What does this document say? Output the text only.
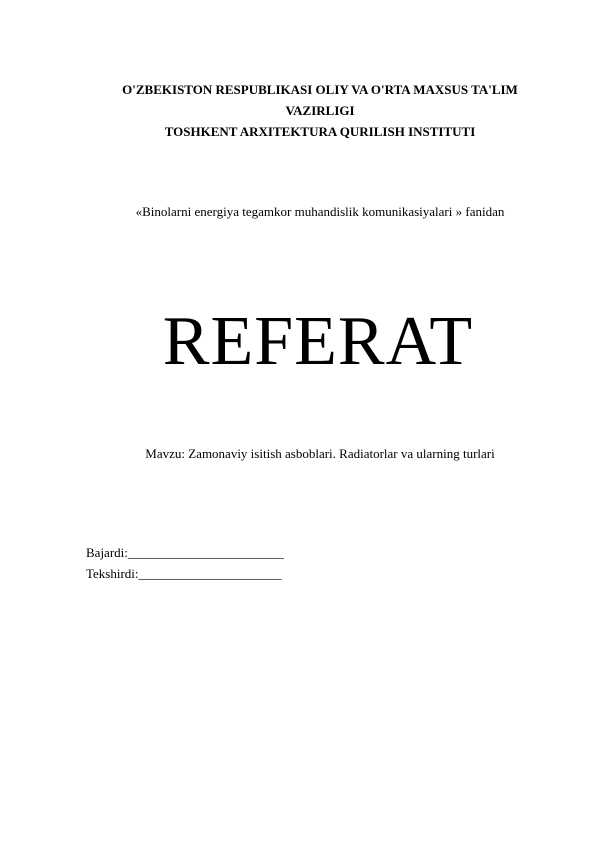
O'ZBEKISTON RESPUBLIKASI OLIY VA O'RTA MAXSUS TA'LIM
VAZIRLIGI
TOSHKENT ARXITEKTURA QURILISH INSTITUTI
«Binolarni energiya tegamkor muhandislik komunikasiyalari » fanidan
REFERAT
Mavzu: Zamonaviy isitish asboblari. Radiatorlar va ularning turlari
Bajardi:________________________
Tekshirdi:______________________
